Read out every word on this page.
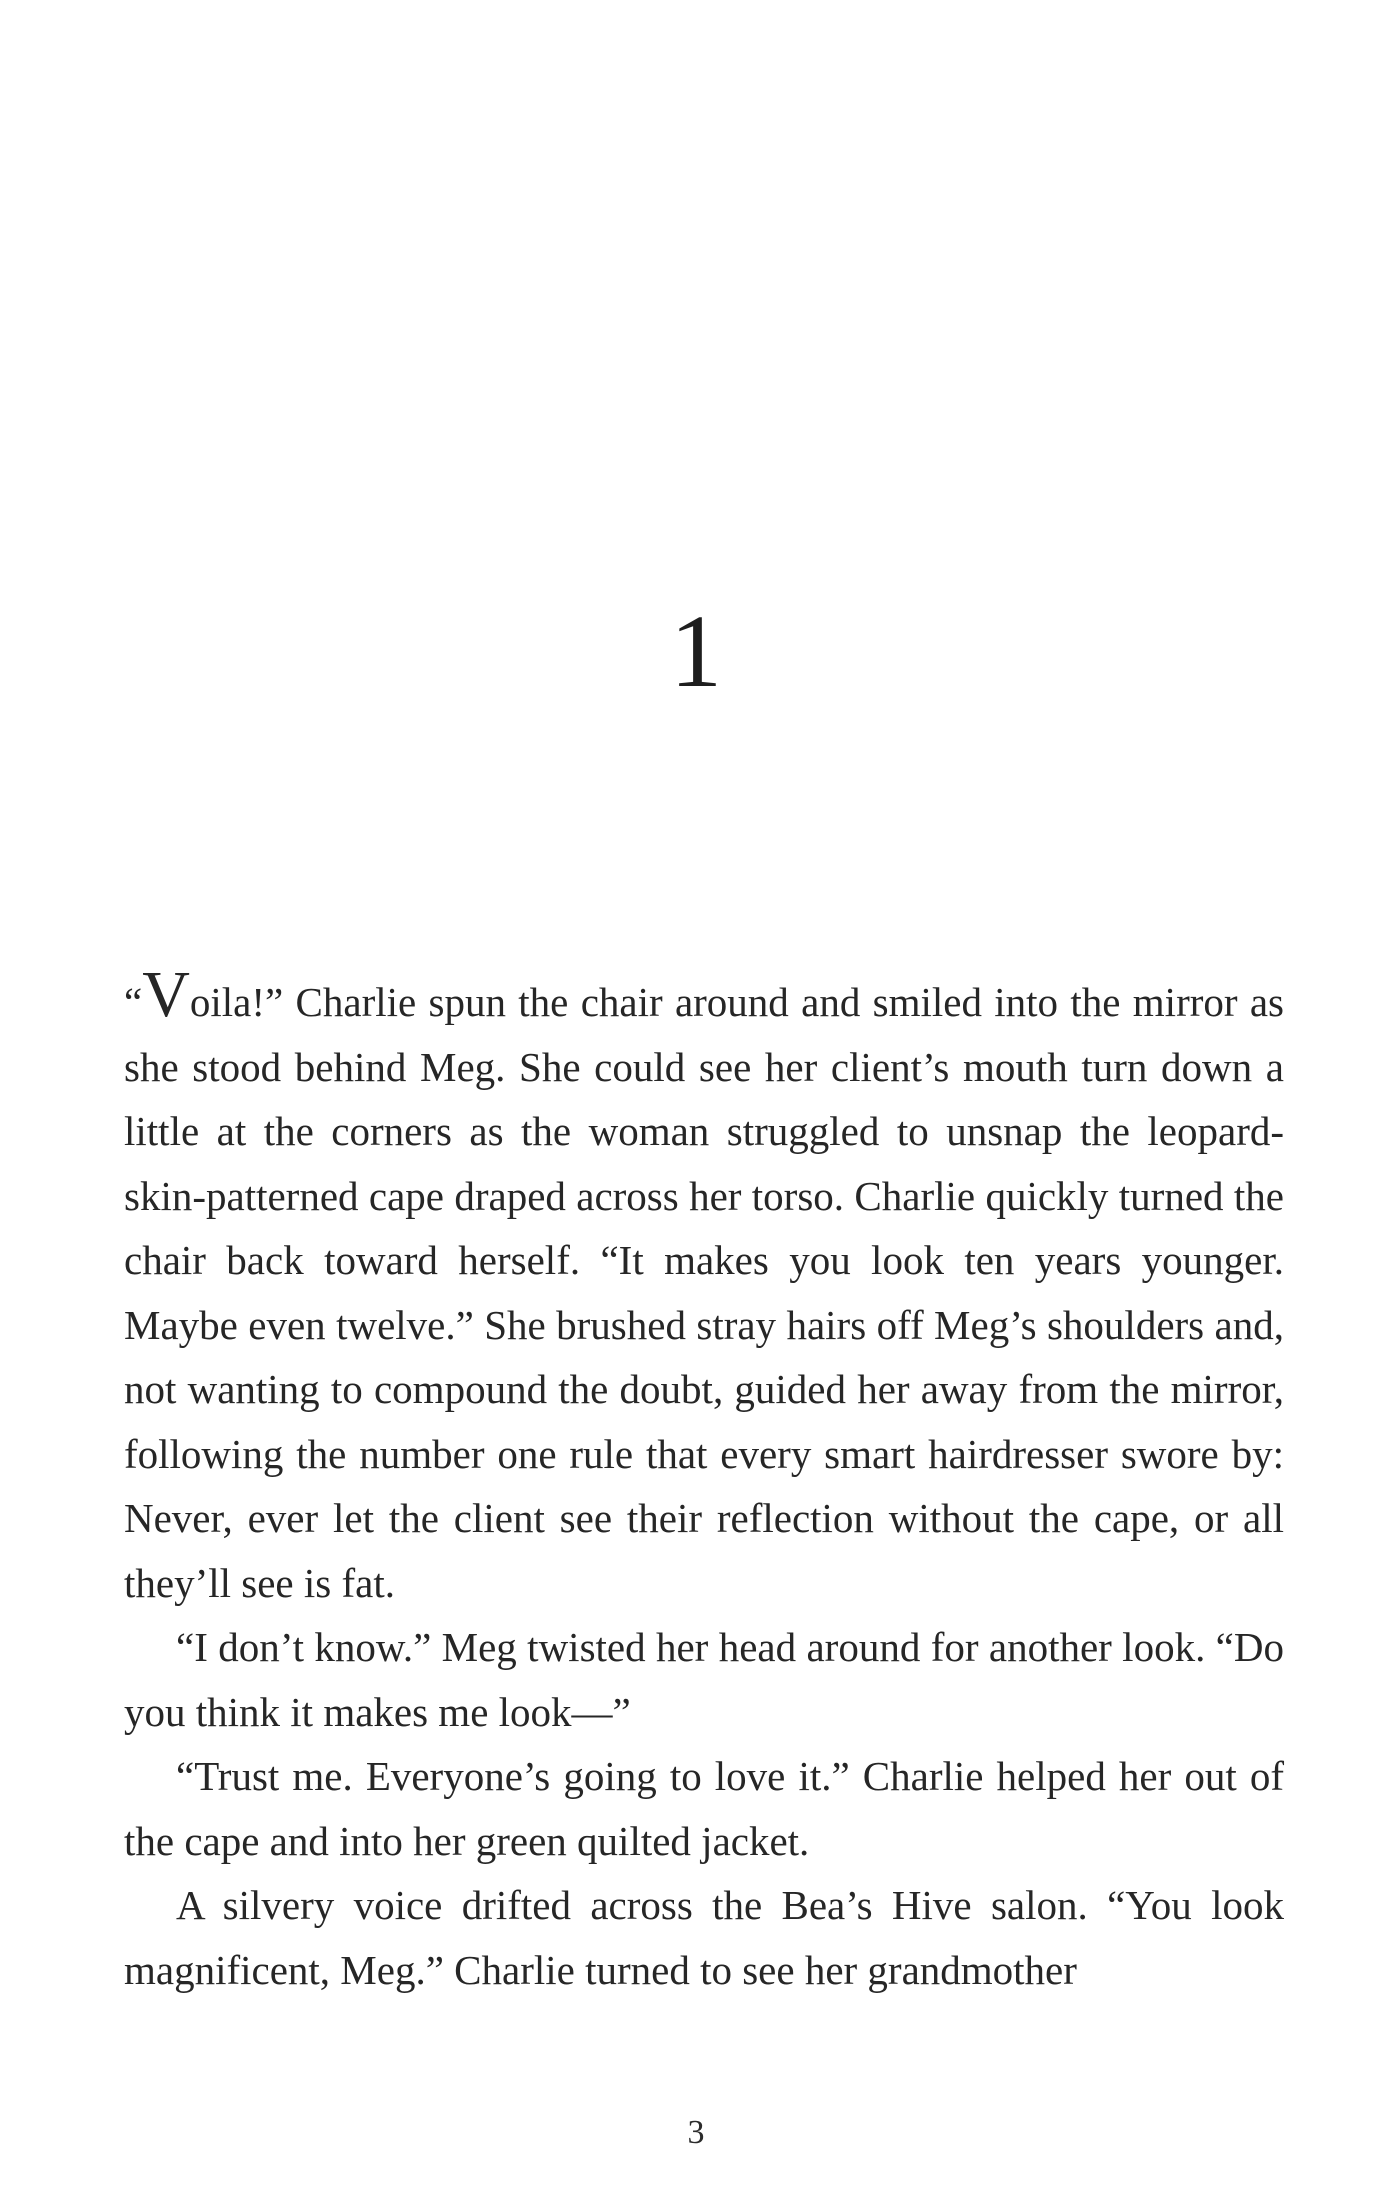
1

“Voila!” Charlie spun the chair around and smiled into the mirror as she stood behind Meg. She could see her client’s mouth turn down a little at the corners as the woman struggled to unsnap the leopard-skin-patterned cape draped across her torso. Charlie quickly turned the chair back toward herself. “It makes you look ten years younger. Maybe even twelve.” She brushed stray hairs off Meg’s shoulders and, not wanting to compound the doubt, guided her away from the mirror, following the number one rule that every smart hairdresser swore by: Never, ever let the client see their reflection without the cape, or all they’ll see is fat.

“I don’t know.” Meg twisted her head around for another look. “Do you think it makes me look—”

“Trust me. Everyone’s going to love it.” Charlie helped her out of the cape and into her green quilted jacket.

A silvery voice drifted across the Bea’s Hive salon. “You look magnificent, Meg.” Charlie turned to see her grandmother

3
